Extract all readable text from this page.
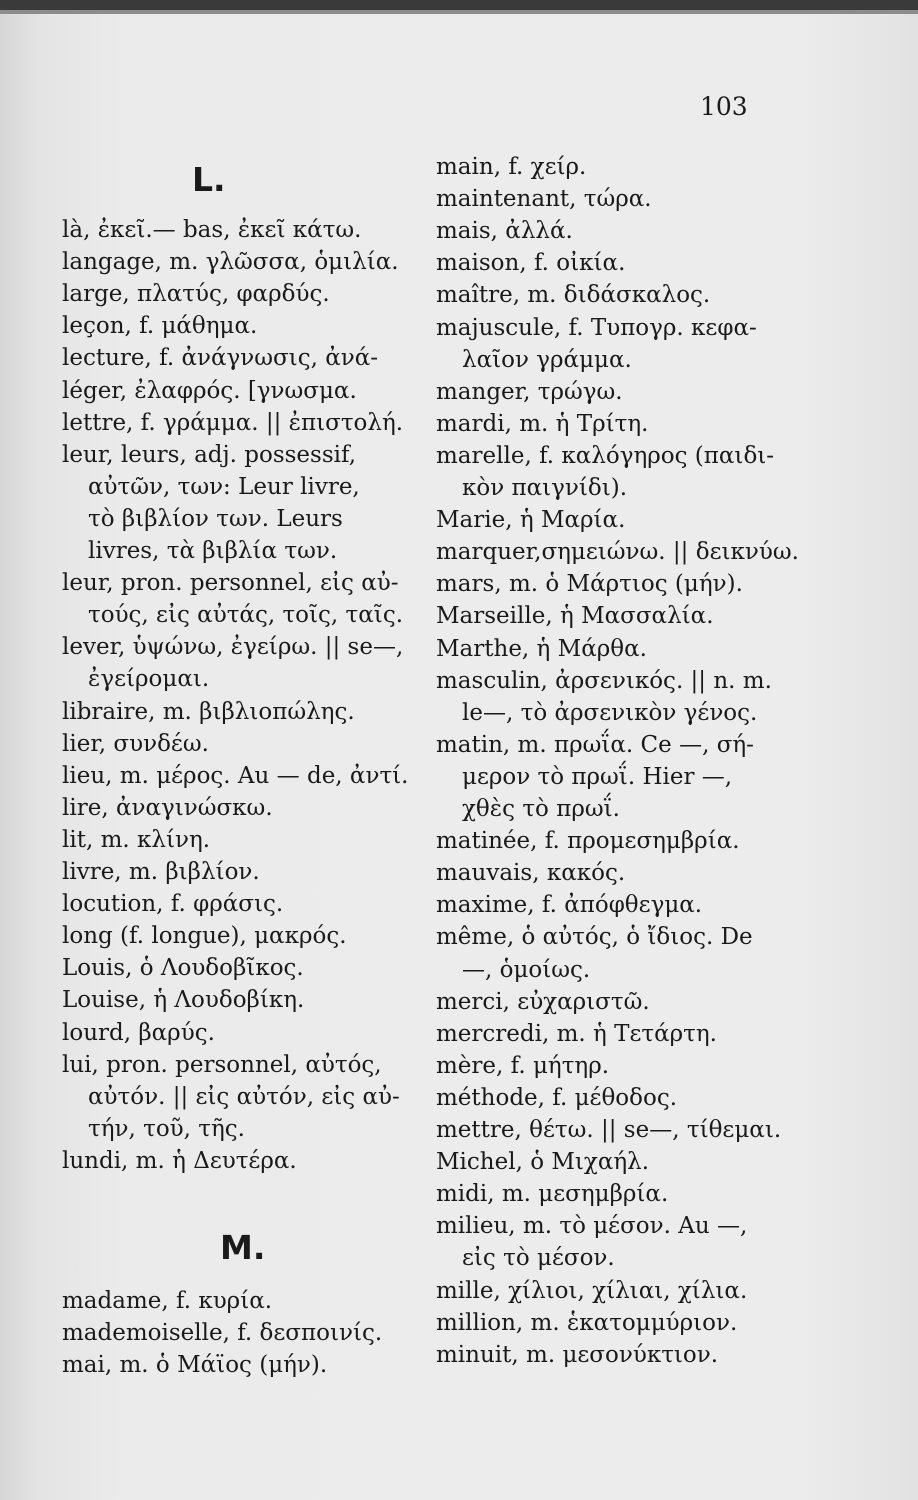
103
L.
là, ἐκεῖ.— bas, ἐκεῖ κάτω.
langage, m. γλῶσσα, ὁμιλία.
large, πλατύς, φαρδύς.
leçon, f. μάθημα.
lecture, f. ἀνάγνωσις, ἀνά-
léger, ἐλαφρός. [γνωσμα.
lettre, f. γράμμα. || ἐπιστολή.
leur, leurs, adj. possessif,
αὐτῶν, των: Leur livre,
τὸ βιβλίον των. Leurs
livres, τὰ βιβλία των.
leur, pron. personnel, εἰς αὐ-
τούς, εἰς αὐτάς, τοῖς, ταῖς.
lever, ὑψώνω, ἐγείρω. || se—,
ἐγείρομαι.
libraire, m. βιβλιοπώλης.
lier, συνδέω.
lieu, m. μέρος. Au — de, ἀντί.
lire, ἀναγινώσκω.
lit, m. κλίνη.
livre, m. βιβλίον.
locution, f. φράσις.
long (f. longue), μακρός.
Louis, ὁ Λουδοβῖκος.
Louise, ἡ Λουδοβίκη.
lourd, βαρύς.
lui, pron. personnel, αὐτός,
αὐτόν. || εἰς αὐτόν, εἰς αὐ-
τήν, τοῦ, τῆς.
lundi, m. ἡ Δευτέρα.
M.
madame, f. κυρία.
mademoiselle, f. δεσποινίς.
mai, m. ὁ Μάϊος (μήν).
main, f. χείρ.
maintenant, τώρα.
mais, ἀλλά.
maison, f. οἰκία.
maître, m. διδάσκαλος.
majuscule, f. Τυπογρ. κεφα-
λαῖον γράμμα.
manger, τρώγω.
mardi, m. ἡ Τρίτη.
marelle, f. καλόγηρος (παιδι-
κὸν παιγνίδι).
Marie, ἡ Μαρία.
marquer,σημειώνω. || δεικνύω.
mars, m. ὁ Μάρτιος (μήν).
Marseille, ἡ Μασσαλία.
Marthe, ἡ Μάρθα.
masculin, ἀρσενικός. || n. m.
le—, τὸ ἀρσενικὸν γένος.
matin, m. πρωΐα. Ce —, σή-
μερον τὸ πρωΐ. Hier —,
χθὲς τὸ πρωΐ.
matinée, f. προμεσημβρία.
mauvais, κακός.
maxime, f. ἀπόφθεγμα.
même, ὁ αὐτός, ὁ ἴδιος. De
—, ὁμοίως.
merci, εὐχαριστῶ.
mercredi, m. ἡ Τετάρτη.
mère, f. μήτηρ.
méthode, f. μέθοδος.
mettre, θέτω. || se—, τίθεμαι.
Michel, ὁ Μιχαήλ.
midi, m. μεσημβρία.
milieu, m. τὸ μέσον. Au —,
εἰς τὸ μέσον.
mille, χίλιοι, χίλιαι, χίλια.
million, m. ἑκατομμύριον.
minuit, m. μεσονύκτιον.
